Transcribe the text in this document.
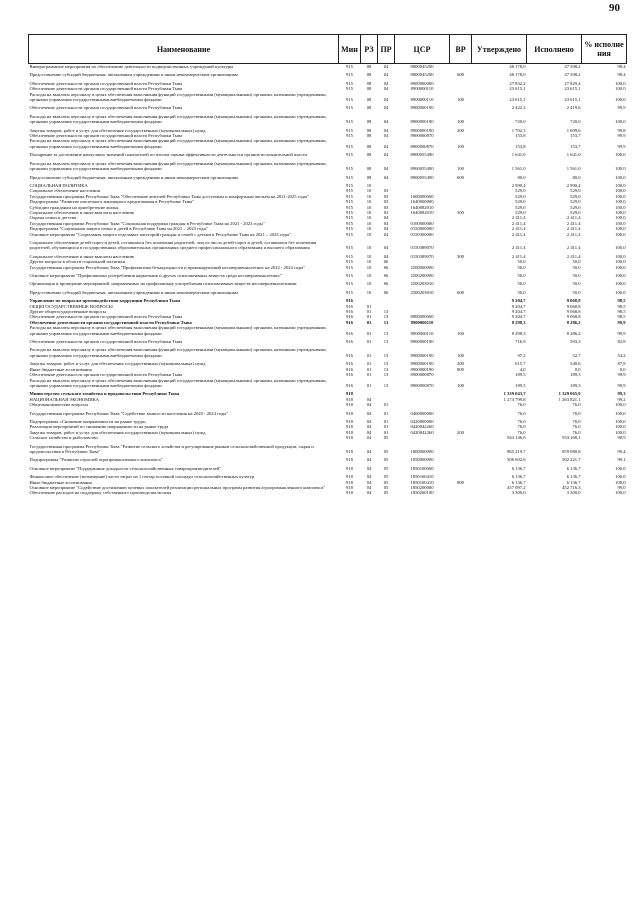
90
Наименование	Мин	РЗ	ПР	ЦСР	ВР	Утверждено	Исполнено	% исполне ния
Внепрограммные мероприятия по обеспечению деятельности подведомственных учреждений культуры	915	08	04	8800045200		48 178,0	47 398,2	98,4
Предоставление субсидий бюджетным, автономным учреждениям и иным некоммерческим организациям	915	08	04	8800045200	600	48 178,0	47 398,2	98,4
Обеспечение деятельности органов государственной власти Республики Тыва	915	08	04	8900000000		27 832,2	27 829,4	100,0
Обеспечение деятельности органов государственной власти Республики Тыва	915	08	04	8900000110		23 615,1	23 615,1	100,0
Расходы на выплаты персоналу в целях обеспечения выполнения функций государственными (муниципальными) органами, казенными учреждениями, органами управления государственными внебюджетными фондами	915	08	04	8900000110	100	23 615,1	23 615,1	100,0
Обеспечение деятельности органов государственной власти Республики Тыва	915	08	04	8900000190		2 422,3	2 419,6	99,9
Расходы на выплаты персоналу в целях обеспечения выполнения функций государственными (муниципальными) органами, казенными учреждениями, органами управления государственными внебюджетными фондами	915	08	04	8900000190	100	720,0	720,0	100,0
Закупка товаров, работ и услуг для обеспечения государственных (муниципальных) нужд	915	08	04	8900000190	200	1 702,3	1 699,6	99,8
Обеспечение деятельности органов государственной власти Республики Тыва	915	08	04	8900000870		153,8	153,7	99,9
Расходы на выплаты персоналу в целях обеспечения выполнения функций государственными (муниципальными) органами, казенными учреждениями, органами управления государственными внебюджетными фондами	915	08	04	8900000870	100	153,8	153,7	99,9
Поощрение за достижение наилучших значений показателей по итогам оценки эффективности деятельности органов исполнительной власти	915	08	04	8900055490		1 641,0	1 641,0	100,0
Расходы на выплаты персоналу в целях обеспечения выполнения функций государственными (муниципальными) органами, казенными учреждениями, органами управления государственными внебюджетными фондами	915	08	04	8900055490	100	1 561,0	1 561,0	100,0
Предоставление субсидий бюджетным, автономным учреждениям и иным некоммерческим организациям	915	08	04	8900055490	600	80,0	80,0	100,0
СОЦИАЛЬНАЯ ПОЛИТИКА	915	10				2 990,4	2 990,4	100,0
Социальное обеспечение населения	915	10	03			529,0	529,0	100,0
Государственная программа Республики Тыва "Обеспечение жителей Республики Тыва доступным и комфортным жильем на 2021-2025 годы"	915	10	03	1600000000		529,0	529,0	100,0
Подпрограмма "Развитие ипотечного жилищного кредитования в Республике Тыва"	915	10	03	1640000000		529,0	529,0	100,0
Субсидии гражданам на приобретение жилья	915	10	03	1640082010		529,0	529,0	100,0
Социальное обеспечение и иные выплаты населению	915	10	03	1640082010	300	529,0	529,0	100,0
Охрана семьи и детства	915	10	04			2 411,4	2 411,4	100,0
Государственная программа Республики Тыва "Социальная поддержка граждан в Республике Тыва на 2021 - 2023 годы"	915	10	04	0100000000		2 411,4	2 411,4	100,0
Подпрограмма "Социальная защита семьи и детей в Республике Тыва на 2021 – 2023 годы"	915	10	04	0150000000		2 411,4	2 411,4	100,0
Основное мероприятие "Социальная защита отдельных категорий граждан и семей с детьми в Республике Тыва на 2021 – 2023 годы"	915	10	04	0150300000		2 411,4	2 411,4	100,0
Социальное обеспечение детей-сирот и детей, оставшихся без попечения родителей, лиц из числа детей-сирот и детей, оставшихся без попечения родителей, обучающихся в государственных образовательных организациях среднего профессионального образования и высшего образования	915	10	04	0150389070		2 411,4	2 411,4	100,0
Социальное обеспечение и иные выплаты населению	915	10	04	0150389070	300	2 411,4	2 411,4	100,0
Другие вопросы в области социальной политики	915	10	06			50,0	50,0	100,0
Государственная программа Республики Тыва "Профилактика безнадзорности и правонарушений несовершеннолетних на 2022 - 2024 годы"	915	10	06	2500000000		50,0	50,0	100,0
Основное мероприятие "Профилактика употребления наркотиков и других психоактивных веществ среди несовершеннолетних"	915	10	06	2500200000		50,0	50,0	100,0
Организация и проведение мероприятий, направленных на профилактику употребления психоактивных веществ несовершеннолетними	915	10	06	2500203010		50,0	50,0	100,0
Предоставление субсидий бюджетным, автономным учреждениям и иным некоммерческим организациям	915	10	06	2500203010	600	50,0	50,0	100,0
Управление по вопросам противодействия коррупции Республики Тыва	916					9 204,7	9 068,8	98,5
ОБЩЕГОСУДАРСТВЕННЫЕ ВОПРОСЫ	916	01				9 204,7	9 068,8	98,5
Другие общегосударственные вопросы	916	01	13			9 204,7	9 068,8	98,5
Обеспечение деятельности органов государственной власти Республики Тыва	916	01	13	8900000000		9 204,7	9 068,8	98,5
Обеспечение деятельности органов государственной власти Республики Тыва	916	01	13	8900000110		8 298,3	8 286,2	99,9
Расходы на выплаты персоналу в целях обеспечения выполнения функций государственными (муниципальными) органами, казенными учреждениями, органами управления государственными внебюджетными фондами	916	01	13	8900000110	100	8 298,3	8 286,2	99,9
Обеспечение деятельности органов государственной власти Республики Тыва	916	01	13	8900000190		716,9	593,3	82,8
Расходы на выплаты персоналу в целях обеспечения выполнения функций государственными (муниципальными) органами, казенными учреждениями, органами управления государственными внебюджетными фондами	916	01	13	8900000190	100	97,2	52,7	54,2
Закупка товаров, работ и услуг для обеспечения государственных (муниципальных) нужд	916	01	13	8900000190	200	615,7	540,6	87,8
Иные бюджетные ассигнования	916	01	13	8900000190	800	4,0	0,0	0,0
Обеспечение деятельности органов государственной власти Республики Тыва	916	01	13	8900000870		189,5	189,3	99,9
Расходы на выплаты персоналу в целях обеспечения выполнения функций государственными (муниципальными) органами, казенными учреждениями, органами управления государственными внебюджетными фондами	916	01	13	8900000870	100	189,5	189,3	99,9
Министерство сельского хозяйства и продовольствия Республики Тыва	918					1 339 043,7	1 329 065,0	99,3
НАЦИОНАЛЬНАЯ ЭКОНОМИКА	918	04				1 273 799,8	1 263 821,1	99,2
Общеэкономические вопросы	918	04	01			76,0	76,0	100,0
Государственная программа Республики Тыва "Содействие занятости населения на 2020 - 2024 годы"	918	04	01	0400000000		76,0	76,0	100,0
Подпрограмма «Снижение напряженности на рынке труда»	918	04	01	0420000000		76,0	76,0	100,0
Реализация мероприятий по снижению напряженности на рынке труда	918	04	01	0420042260		76,0	76,0	100,0
Закупка товаров, работ и услуг для обеспечения государственных (муниципальных) нужд	918	04	01	0420042260	200	76,0	76,0	100,0
Сельское хозяйство и рыболовство	918	04	05			943 146,8	933 168,1	98,9
Государственная программа Республики Тыва "Развитие сельского хозяйства и регулирование рынков сельскохозяйственной продукции, сырья и продовольствия в Республике Тыва"	918	04	05	1800000000		865 219,7	859 080,8	99,4
Подпрограмма "Развитие отраслей агропромышленного комплекса"	918	04	05	1850000000		506 602,6	502 221,7	99,1
Основное мероприятие "Поддержание доходности сельскохозяйственных товаропроизводителей"	918	04	05	1850100000		6 136,7	6 136,7	100,0
Финансовое обеспечение (возмещение) части затрат на 1 гектар посевной площади сельскохозяйственных культур	918	04	05	1850160410		6 136,7	6 136,7	100,0
Иные бюджетные ассигнования	918	04	05	1850160410	800	6 136,7	6 136,7	100,0
Основное мероприятие "Содействие достижению целевых показателей реализации региональных программ развития агропромышленного комплекса"	918	04	05	1850200000		457 097,2	452 716,3	99,0
Обеспечение расходов на поддержку собственного производства молока	918	04	05	1850260100		3 300,0	3 300,0	100,0
